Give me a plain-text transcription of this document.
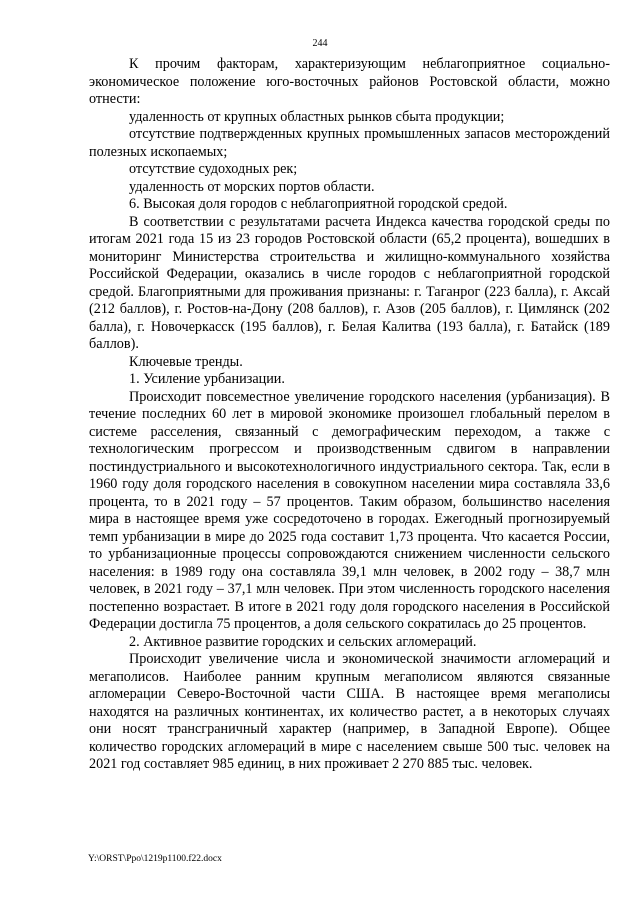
244

К прочим факторам, характеризующим неблагоприятное социально-экономическое положение юго-восточных районов Ростовской области, можно отнести:

удаленность от крупных областных рынков сбыта продукции;

отсутствие подтвержденных крупных промышленных запасов месторождений полезных ископаемых;

отсутствие судоходных рек;

удаленность от морских портов области.

6. Высокая доля городов с неблагоприятной городской средой.

В соответствии с результатами расчета Индекса качества городской среды по итогам 2021 года 15 из 23 городов Ростовской области (65,2 процента), вошедших в мониторинг Министерства строительства и жилищно-коммунального хозяйства Российской Федерации, оказались в числе городов с неблагоприятной городской средой. Благоприятными для проживания признаны: г. Таганрог (223 балла), г. Аксай (212 баллов), г. Ростов-на-Дону (208 баллов), г. Азов (205 баллов), г. Цимлянск (202 балла), г. Новочеркасск (195 баллов), г. Белая Калитва (193 балла), г. Батайск (189 баллов).

Ключевые тренды.

1. Усиление урбанизации.

Происходит повсеместное увеличение городского населения (урбанизация). В течение последних 60 лет в мировой экономике произошел глобальный перелом в системе расселения, связанный с демографическим переходом, а также с технологическим прогрессом и производственным сдвигом в направлении постиндустриального и высокотехнологичного индустриального сектора. Так, если в 1960 году доля городского населения в совокупном населении мира составляла 33,6 процента, то в 2021 году – 57 процентов. Таким образом, большинство населения мира в настоящее время уже сосредоточено в городах. Ежегодный прогнозируемый темп урбанизации в мире до 2025 года составит 1,73 процента. Что касается России, то урбанизационные процессы сопровождаются снижением численности сельского населения: в 1989 году она составляла 39,1 млн человек, в 2002 году – 38,7 млн человек, в 2021 году – 37,1 млн человек. При этом численность городского населения постепенно возрастает. В итоге в 2021 году доля городского населения в Российской Федерации достигла 75 процентов, а доля сельского сократилась до 25 процентов.

2. Активное развитие городских и сельских агломераций.

Происходит увеличение числа и экономической значимости агломераций и мегаполисов. Наиболее ранним крупным мегаполисом являются связанные агломерации Северо-Восточной части США. В настоящее время мегаполисы находятся на различных континентах, их количество растет, а в некоторых случаях они носят трансграничный характер (например, в Западной Европе). Общее количество городских агломераций в мире с населением свыше 500 тыс. человек на 2021 год составляет 985 единиц, в них проживает 2 270 885 тыс. человек.

Y:\ORST\Ppo\1219p1100.f22.docx
